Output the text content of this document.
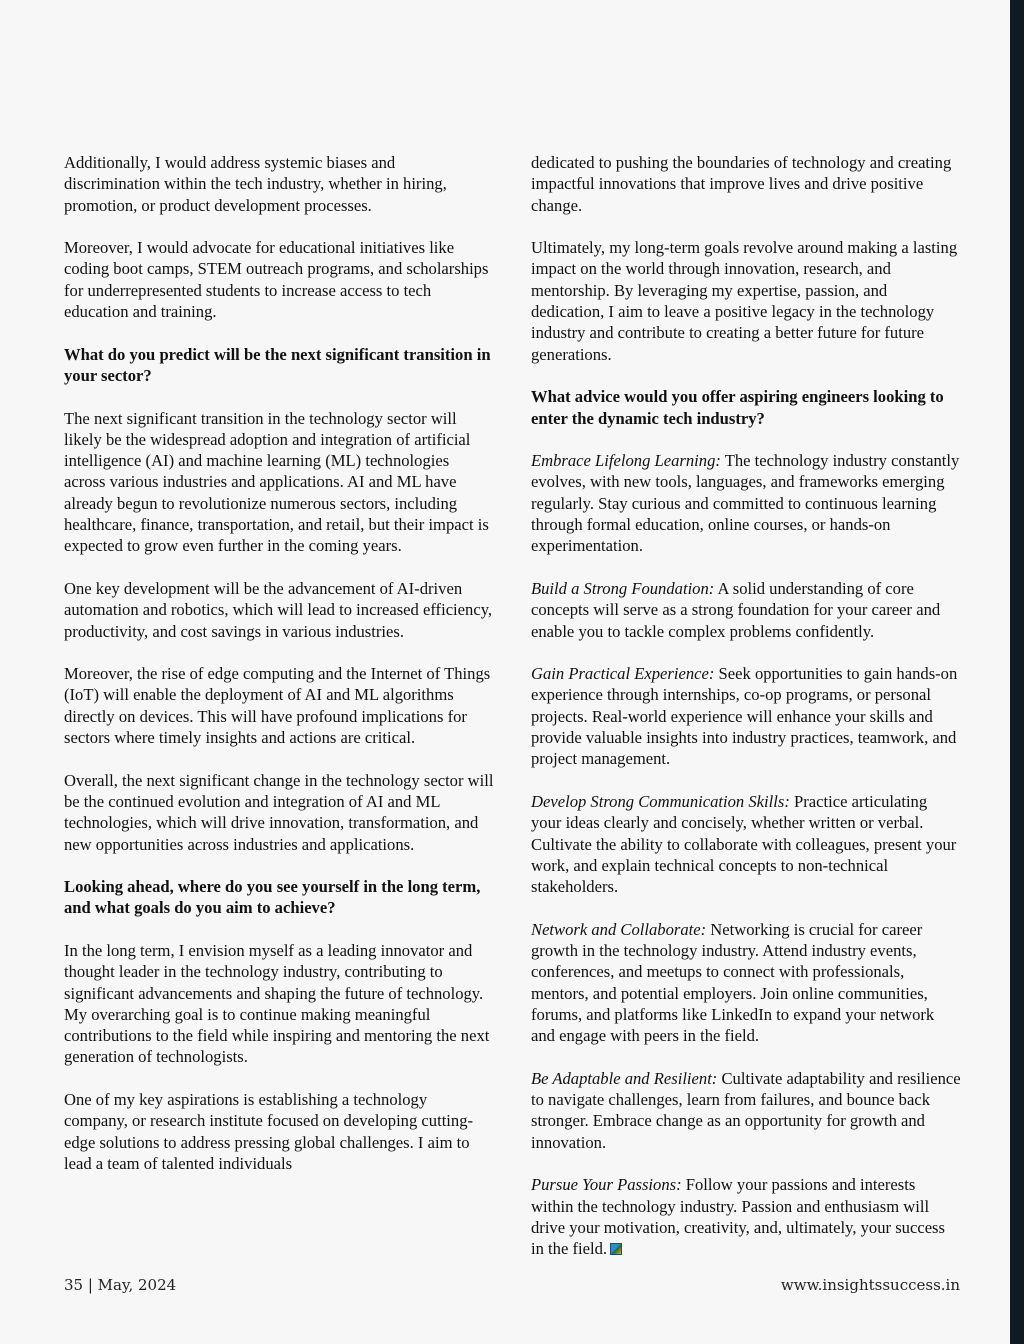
Additionally, I would address systemic biases and discrimination within the tech industry, whether in hiring, promotion, or product development processes.

Moreover, I would advocate for educational initiatives like coding boot camps, STEM outreach programs, and scholarships for underrepresented students to increase access to tech education and training.

What do you predict will be the next significant transition in your sector?

The next significant transition in the technology sector will likely be the widespread adoption and integration of artificial intelligence (AI) and machine learning (ML) technologies across various industries and applications. AI and ML have already begun to revolutionize numerous sectors, including healthcare, finance, transportation, and retail, but their impact is expected to grow even further in the coming years.

One key development will be the advancement of AI-driven automation and robotics, which will lead to increased efficiency, productivity, and cost savings in various industries.

Moreover, the rise of edge computing and the Internet of Things (IoT) will enable the deployment of AI and ML algorithms directly on devices. This will have profound implications for sectors where timely insights and actions are critical.

Overall, the next significant change in the technology sector will be the continued evolution and integration of AI and ML technologies, which will drive innovation, transformation, and new opportunities across industries and applications.

Looking ahead, where do you see yourself in the long term, and what goals do you aim to achieve?

In the long term, I envision myself as a leading innovator and thought leader in the technology industry, contributing to significant advancements and shaping the future of technology. My overarching goal is to continue making meaningful contributions to the field while inspiring and mentoring the next generation of technologists.

One of my key aspirations is establishing a technology company, or research institute focused on developing cutting-edge solutions to address pressing global challenges. I aim to lead a team of talented individuals

dedicated to pushing the boundaries of technology and creating impactful innovations that improve lives and drive positive change.

Ultimately, my long-term goals revolve around making a lasting impact on the world through innovation, research, and mentorship. By leveraging my expertise, passion, and dedication, I aim to leave a positive legacy in the technology industry and contribute to creating a better future for future generations.

What advice would you offer aspiring engineers looking to enter the dynamic tech industry?

Embrace Lifelong Learning: The technology industry constantly evolves, with new tools, languages, and frameworks emerging regularly. Stay curious and committed to continuous learning through formal education, online courses, or hands-on experimentation.

Build a Strong Foundation: A solid understanding of core concepts will serve as a strong foundation for your career and enable you to tackle complex problems confidently.

Gain Practical Experience: Seek opportunities to gain hands-on experience through internships, co-op programs, or personal projects. Real-world experience will enhance your skills and provide valuable insights into industry practices, teamwork, and project management.

Develop Strong Communication Skills: Practice articulating your ideas clearly and concisely, whether written or verbal. Cultivate the ability to collaborate with colleagues, present your work, and explain technical concepts to non-technical stakeholders.

Network and Collaborate: Networking is crucial for career growth in the technology industry. Attend industry events, conferences, and meetups to connect with professionals, mentors, and potential employers. Join online communities, forums, and platforms like LinkedIn to expand your network and engage with peers in the field.

Be Adaptable and Resilient: Cultivate adaptability and resilience to navigate challenges, learn from failures, and bounce back stronger. Embrace change as an opportunity for growth and innovation.

Pursue Your Passions: Follow your passions and interests within the technology industry. Passion and enthusiasm will drive your motivation, creativity, and, ultimately, your success in the field.

35 | May, 2024	www.insightssuccess.in
